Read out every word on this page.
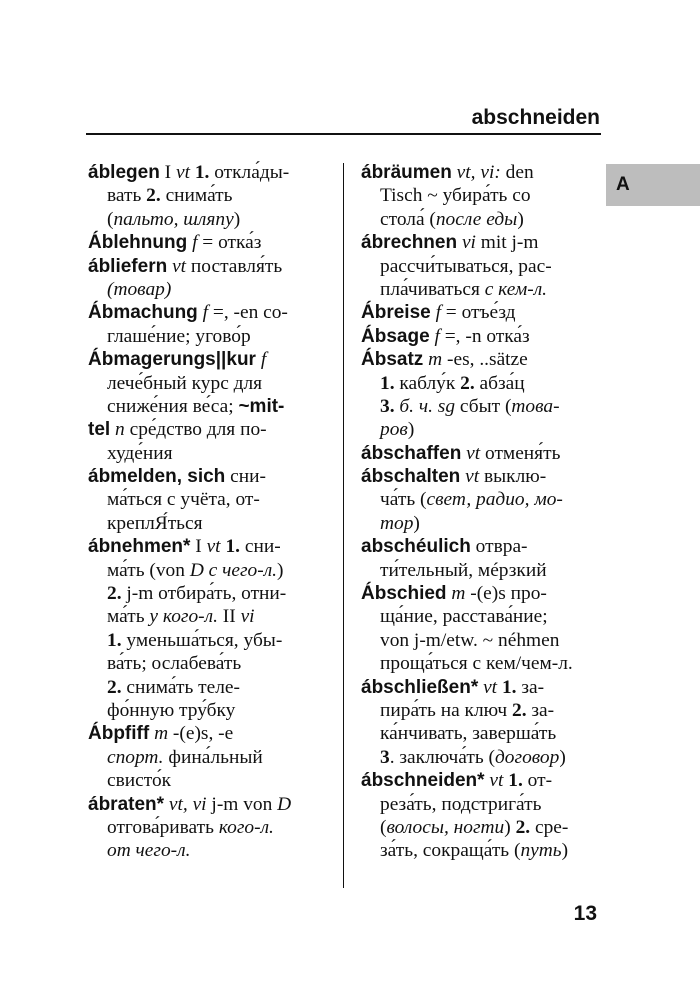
abschneiden
A
áblegen I vt 1. откла́ды-
вать 2. снима́ть
(пальто, шляпу)
Áblehnung f = отка́з
ábliefern vt поставля́ть
(товар)
Ábmachung f =, -en со-
глаше́ние; угово́р
Ábmagerungs||kur f
лече́бный курс для
сниже́ния ве́са; ~mit-
tel n сре́дство для по-
худе́ния
ábmelden, sich сни-
ма́ться с учёта, от-
креплЯ́ться
ábnehmen* I vt 1. сни-
ма́ть (von D с чего-л.)
2. j-m отбира́ть, отни-
ма́ть у кого-л. II vi
1. уменьша́ться, убы-
ва́ть; ослабева́ть
2. снима́ть теле-
фо́нную тру́бку
Ábpfiff m -(e)s, -e
спорт. фина́льный
свисто́к
ábraten* vt, vi j-m von D
отгова́ривать кого-л.
от чего-л.
ábräumen vt, vi: den
Tisch ~ убира́ть со
стола́ (после еды)
ábrechnen vi mit j-m
рассчи́тываться, рас-
пла́чиваться с кем-л.
Ábreise f = отъе́зд
Ábsage f =, -n отка́з
Ábsatz m -es, ..sätze
1. каблу́к 2. абза́ц
3. б. ч. sg сбыт (това-
ров)
ábschaffen vt отменя́ть
ábschalten vt выклю-
ча́ть (свет, радио, мо-
тор)
abschéulich отвра-
ти́тельный, мéрзкий
Ábschied m -(e)s про-
ща́ние, расстава́ние;
von j-m/etw. ~ néhmen
проща́ться с кем/чем-л.
ábschließen* vt 1. за-
пира́ть на ключ 2. за-
ка́нчивать, заверша́ть
3. заключа́ть (договор)
ábschneiden* vt 1. от-
реза́ть, подстрига́ть
(волосы, ногти) 2. сре-
за́ть, сокраща́ть (путь)
13
